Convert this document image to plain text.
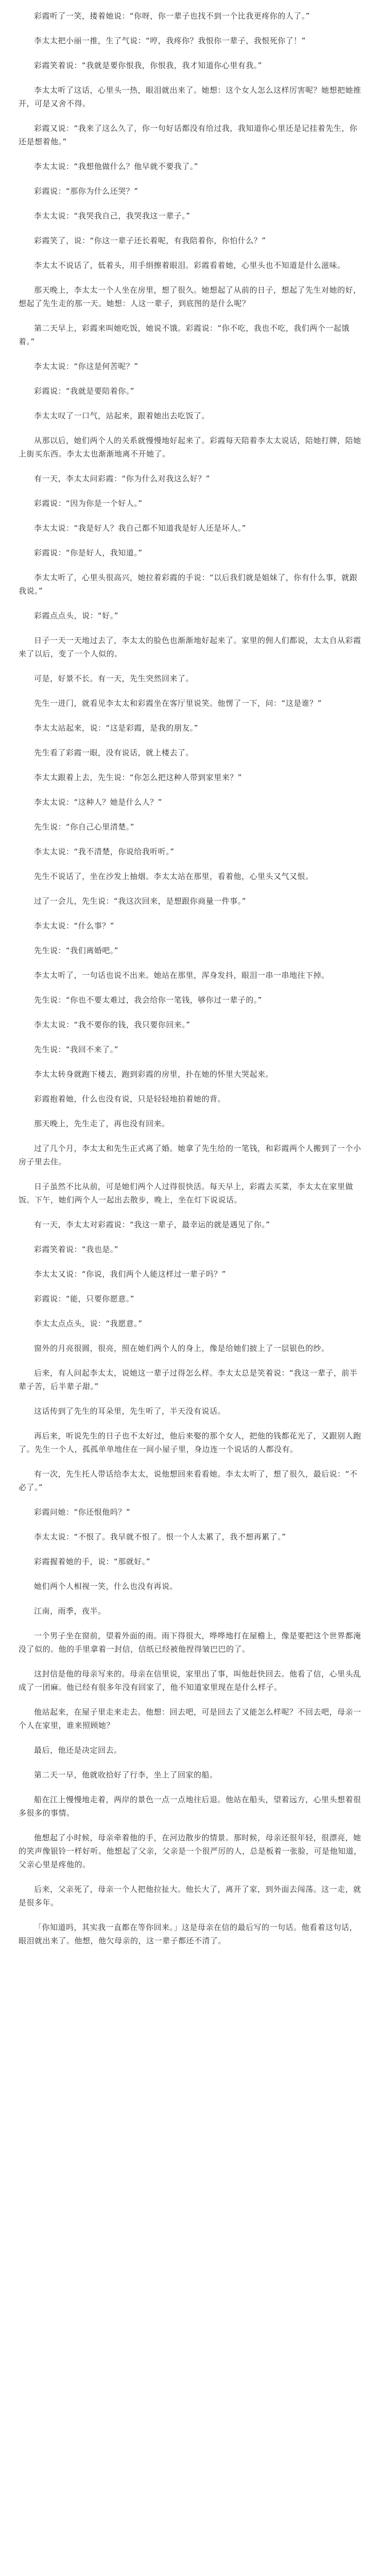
彩霞听了一笑，搂着她说：“你呀，你一辈子也找不到一个比我更疼你的人了。”

李太太把小丽一推，生了气说：“哼，我疼你？我恨你一辈子，我恨死你了！”

彩霞笑着说：“我就是要你恨我，你恨我，我才知道你心里有我。”

李太太听了这话，心里头一热，眼泪就出来了。她想：这个女人怎么这样厉害呢？她想把她推开，可是又舍不得。

彩霞又说：“我来了这么久了，你一句好话都没有给过我，我知道你心里还是记挂着先生，你还是想着他。”

李太太说：“我想他做什么？他早就不要我了。”

彩霞说：“那你为什么还哭？”

李太太说：“我哭我自己，我哭我这一辈子。”

彩霞笑了，说：“你这一辈子还长着呢，有我陪着你，你怕什么？”

李太太不说话了，低着头，用手绢擦着眼泪。彩霞看着她，心里头也不知道是什么滋味。

那天晚上，李太太一个人坐在房里，想了很久。她想起了从前的日子，想起了先生对她的好，想起了先生走的那一天。她想：人这一辈子，到底图的是什么呢？

第二天早上，彩霞来叫她吃饭，她说不饿。彩霞说：“你不吃，我也不吃，我们两个一起饿着。”

李太太说：“你这是何苦呢？”

彩霞说：“我就是要陪着你。”

李太太叹了一口气，站起来，跟着她出去吃饭了。

从那以后，她们两个人的关系就慢慢地好起来了。彩霞每天陪着李太太说话，陪她打牌，陪她上街买东西。李太太也渐渐地离不开她了。

有一天，李太太问彩霞：“你为什么对我这么好？”

彩霞说：“因为你是一个好人。”

李太太说：“我是好人？我自己都不知道我是好人还是坏人。”

彩霞说：“你是好人，我知道。”

李太太听了，心里头很高兴，她拉着彩霞的手说：“以后我们就是姐妹了，你有什么事，就跟我说。”

彩霞点点头，说：“好。”

日子一天一天地过去了，李太太的脸色也渐渐地好起来了。家里的佣人们都说，太太自从彩霞来了以后，变了一个人似的。

可是，好景不长。有一天，先生突然回来了。

先生一进门，就看见李太太和彩霞坐在客厅里说笑。他愣了一下，问：“这是谁？”

李太太站起来，说：“这是彩霞，是我的朋友。”

先生看了彩霞一眼，没有说话，就上楼去了。

李太太跟着上去，先生说：“你怎么把这种人带到家里来？”

李太太说：“这种人？她是什么人？”

先生说：“你自己心里清楚。”

李太太说：“我不清楚，你说给我听听。”

先生不说话了，坐在沙发上抽烟。李太太站在那里，看着他，心里头又气又恨。

过了一会儿，先生说：“我这次回来，是想跟你商量一件事。”

李太太说：“什么事？”

先生说：“我们离婚吧。”

李太太听了，一句话也说不出来。她站在那里，浑身发抖，眼泪一串一串地往下掉。

先生说：“你也不要太难过，我会给你一笔钱，够你过一辈子的。”

李太太说：“我不要你的钱，我只要你回来。”

先生说：“我回不来了。”

李太太转身就跑下楼去，跑到彩霞的房里，扑在她的怀里大哭起来。

彩霞抱着她，什么也没有说，只是轻轻地拍着她的背。

那天晚上，先生走了，再也没有回来。

过了几个月，李太太和先生正式离了婚。她拿了先生给的一笔钱，和彩霞两个人搬到了一个小房子里去住。

日子虽然不比从前，可是她们两个人过得很快活。每天早上，彩霞去买菜，李太太在家里做饭。下午，她们两个人一起出去散步，晚上，坐在灯下说说话。

有一天，李太太对彩霞说：“我这一辈子，最幸运的就是遇见了你。”

彩霞笑着说：“我也是。”

李太太又说：“你说，我们两个人能这样过一辈子吗？”

彩霞说：“能，只要你愿意。”

李太太点点头，说：“我愿意。”

窗外的月亮很圆，很亮，照在她们两个人的身上，像是给她们披上了一层银色的纱。

后来，有人问起李太太，说她这一辈子过得怎么样。李太太总是笑着说：“我这一辈子，前半辈子苦，后半辈子甜。”

这话传到了先生的耳朵里，先生听了，半天没有说话。

再后来，听说先生的日子也不太好过，他后来娶的那个女人，把他的钱都花光了，又跟别人跑了。先生一个人，孤孤单单地住在一间小屋子里，身边连一个说话的人都没有。

有一次，先生托人带话给李太太，说他想回来看看她。李太太听了，想了很久，最后说：“不必了。”

彩霞问她：“你还恨他吗？”

李太太说：“不恨了。我早就不恨了。恨一个人太累了，我不想再累了。”

彩霞握着她的手，说：“那就好。”

她们两个人相视一笑，什么也没有再说。

江南，雨季，夜半。

一个男子坐在窗前，望着外面的雨。雨下得很大，哗哗地打在屋檐上，像是要把这个世界都淹没了似的。他的手里拿着一封信，信纸已经被他捏得皱巴巴的了。

这封信是他的母亲写来的。母亲在信里说，家里出了事，叫他赶快回去。他看了信，心里头乱成了一团麻。他已经有很多年没有回家了，他不知道家里现在是什么样子。

他站起来，在屋子里走来走去。他想：回去吧，可是回去了又能怎么样呢？不回去吧，母亲一个人在家里，谁来照顾她？

最后，他还是决定回去。

第二天一早，他就收拾好了行李，坐上了回家的船。

船在江上慢慢地走着，两岸的景色一点一点地往后退。他站在船头，望着远方，心里头想着很多很多的事情。

他想起了小时候，母亲牵着他的手，在河边散步的情景。那时候，母亲还很年轻，很漂亮，她的笑声像银铃一样好听。他想起了父亲，父亲是一个很严厉的人，总是板着一张脸，可是他知道，父亲心里是疼他的。

后来，父亲死了，母亲一个人把他拉扯大。他长大了，离开了家，到外面去闯荡。这一走，就是很多年。

「你知道吗，其实我一直都在等你回来。」这是母亲在信的最后写的一句话。他看着这句话，眼泪就出来了。他想，他欠母亲的，这一辈子都还不清了。
